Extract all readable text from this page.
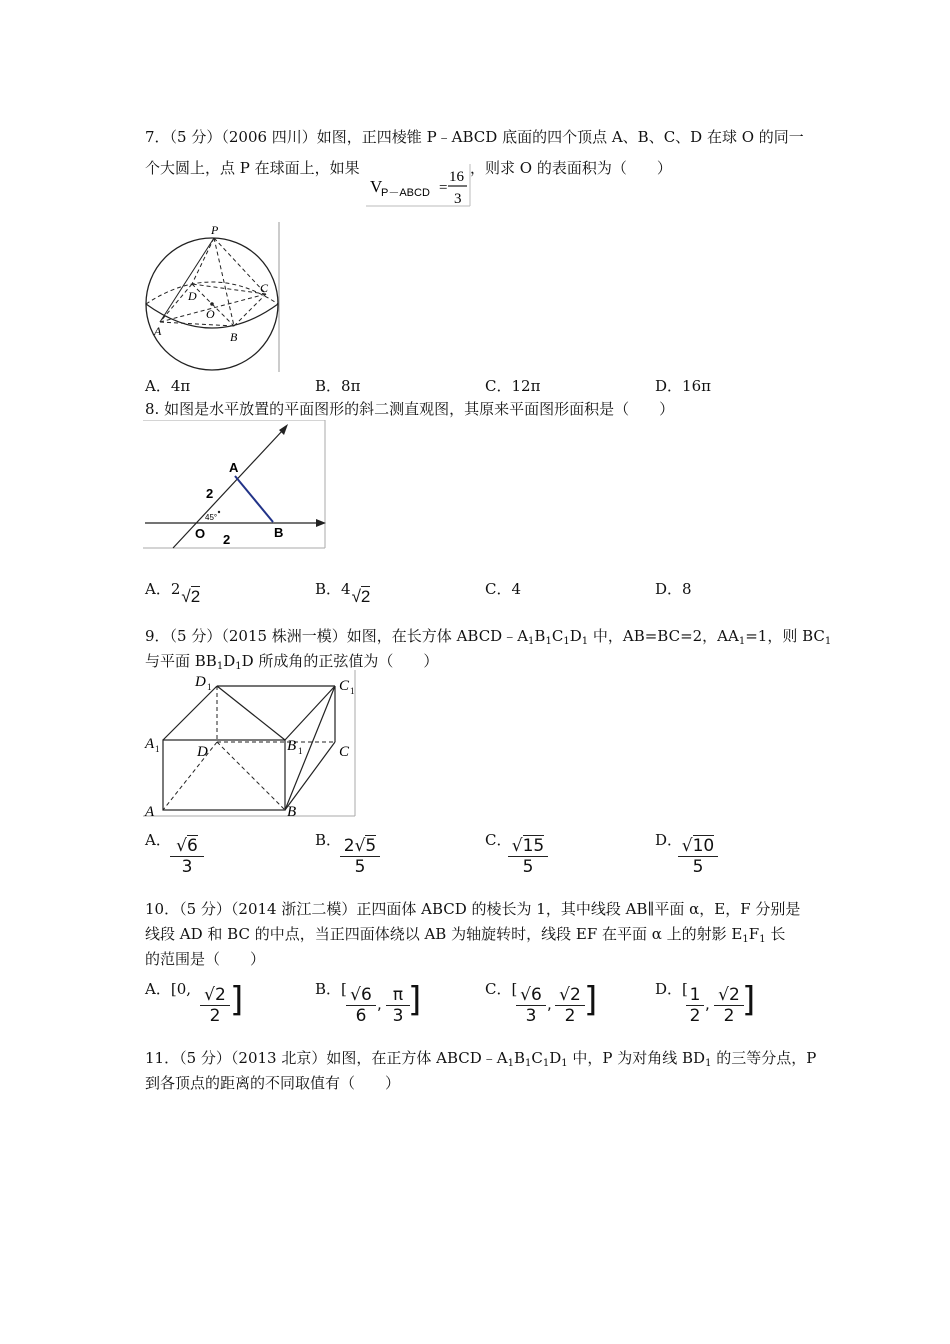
7．（5 分）（2006 四川）如图，正四棱锥 P﹣ABCD 底面的四个顶点 A、B、C、D 在球 O 的同一
个大圆上，点 P 在球面上，如果	，则求 O 的表面积为（　　）
V
P－ABCD =
16
3
P
D
C
O
A	B
A．4π	B．8π	C．12π	D．16π
8. 如图是水平放置的平面图形的斜二测直观图，其原来平面图形面积是（　　）
A
2
45°
O 2	B
A．2√2	B．4√2	C．4	D．8
9．（5 分）（2015 株洲一模）如图，在长方体 $ABCD﹣A_1B_1C_1D_1$ 中，AB=BC=2，$AA_1=1$，则 $BC_1$
与平面 $BB_1D_1D$ 所成角的正弦值为（　　）
D 1	C 1
A 1	D	B 1 C
A	B
A． √6
3
B． 2√5
5
C． √15
5
D． √10
5
10．（5 分）（2014 浙江二模）正四面体 ABCD 的棱长为 1，其中线段 AB∥平面 α，E，F 分别是
线段 AD 和 BC 的中点，当正四面体绕以 AB 为轴旋转时，线段 EF 在平面 α 上的射影 $E_1F_1$ 长
的范围是（　　）
A．[0, √2
2 ]	B．[ √6
6
, π
3 ]	C．[ √6
3
, √2
2 ]	D．[ 1
2
, √2
2 ]
11．（5 分）（2013 北京）如图，在正方体 $ABCD﹣A_1B_1C_1D_1$ 中，P 为对角线 $BD_1$ 的三等分点，P
到各顶点的距离的不同取值有（　　）
